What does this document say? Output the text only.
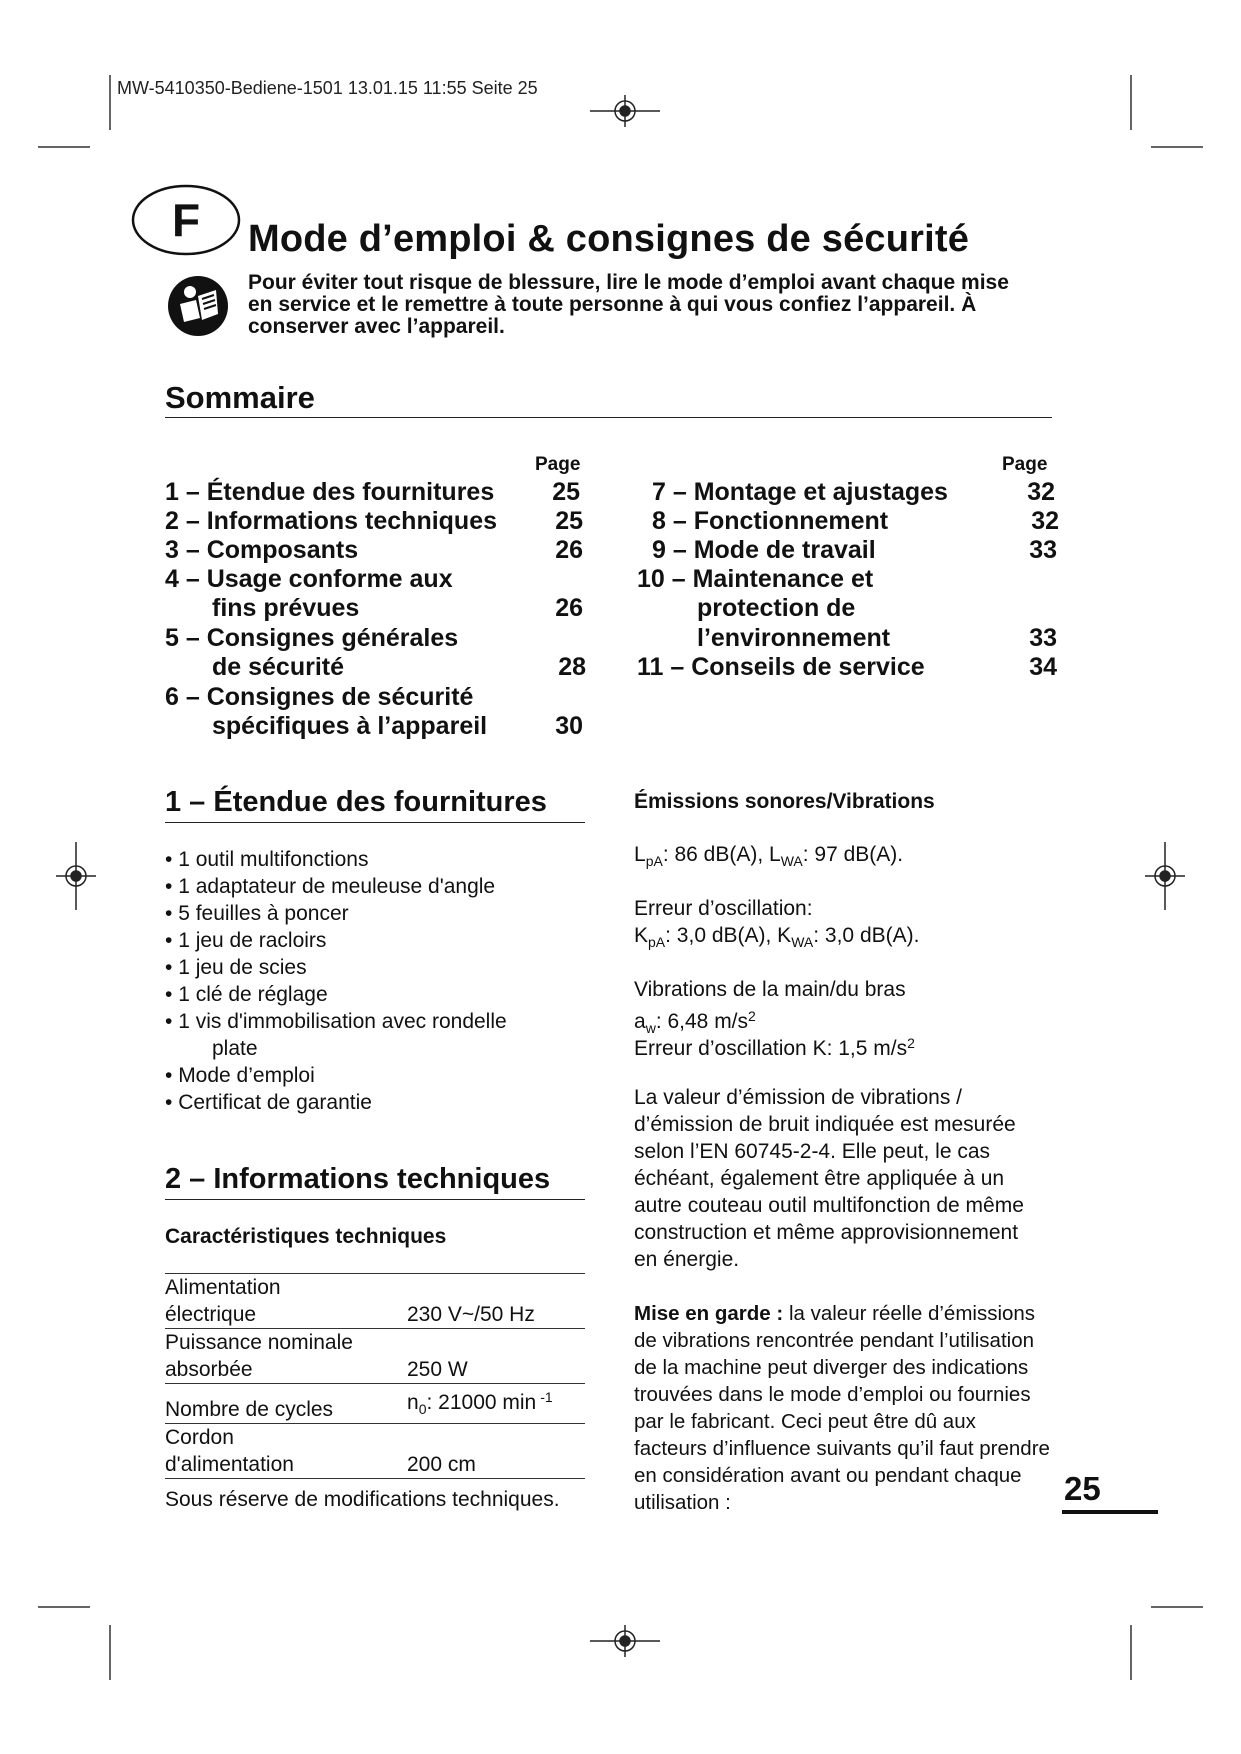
MW-5410350-Bediene-1501 13.01.15 11:55 Seite 25
F Mode d’emploi & consignes de sécurité
Pour éviter tout risque de blessure, lire le mode d’emploi avant chaque mise en service et le remettre à toute personne à qui vous confiez l’appareil. À conserver avec l’appareil.
Sommaire
Page	Page
1 – Étendue des fournitures	25
2 – Informations techniques	25
3 – Composants	26
4 – Usage conforme aux
fins prévues	26
5 – Consignes générales
de sécurité	28
6 – Consignes de sécurité
spécifiques à l’appareil	30
7 – Montage et ajustages	32
8 – Fonctionnement	32
9 – Mode de travail	33
10 – Maintenance et
protection de
l’environnement	33
11 – Conseils de service	34
1 – Étendue des fournitures
• 1 outil multifonctions
• 1 adaptateur de meuleuse d'angle
• 5 feuilles à poncer
• 1 jeu de racloirs
• 1 jeu de scies
• 1 clé de réglage
• 1 vis d'immobilisation avec rondelle
plate
• Mode d’emploi
• Certificat de garantie
2 – Informations techniques
Caractéristiques techniques
Alimentation
électrique	230 V~/50 Hz
Puissance nominale
absorbée	250 W
Nombre de cycles	$n_0$: 21000 min $^{-1}$
Cordon
d'alimentation	200 cm
Sous réserve de modifications techniques.
Émissions sonores/Vibrations
$L_{pA}$: 86 dB(A), $L_{WA}$: 97 dB(A).
Erreur d’oscillation:
$K_{pA}$: 3,0 dB(A), $K_{WA}$: 3,0 dB(A).
Vibrations de la main/du bras
$a_w$: 6,48 $m/s^2$
Erreur d’oscillation K: 1,5 $m/s^2$
La valeur d’émission de vibrations / d’émission de bruit indiquée est mesurée selon l’EN 60745-2-4. Elle peut, le cas échéant, également être appliquée à un autre couteau outil multifonction de même construction et même approvisionnement en énergie.
Mise en garde : la valeur réelle d’émissions de vibrations rencontrée pendant l’utilisation de la machine peut diverger des indications trouvées dans le mode d’emploi ou fournies par le fabricant. Ceci peut être dû aux facteurs d’influence suivants qu’il faut prendre en considération avant ou pendant chaque utilisation :	25
